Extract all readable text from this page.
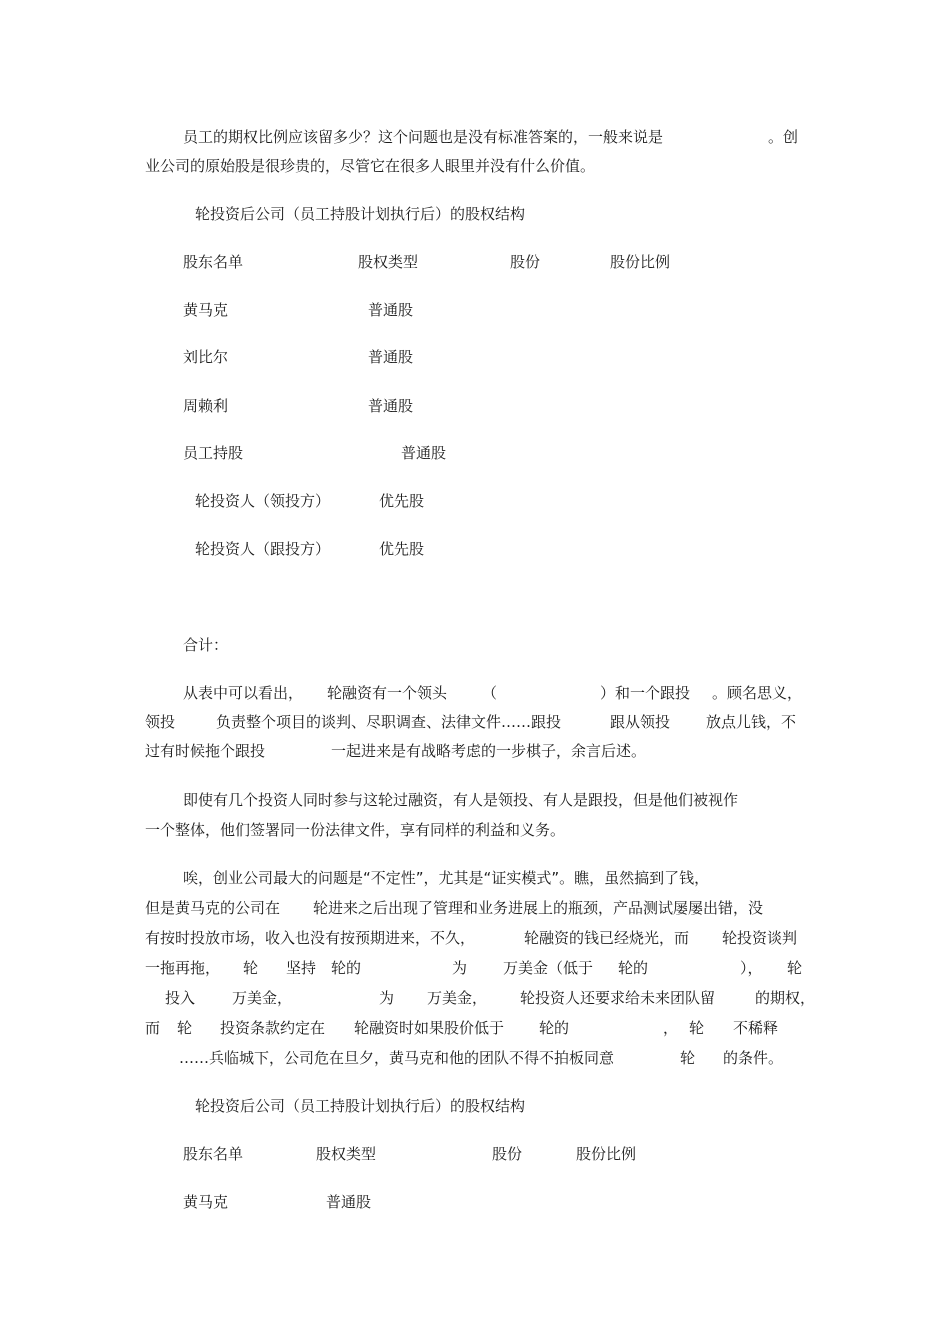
员工的期权比例应该留多少？这个问题也是没有标准答案的，一般来说是	。创
业公司的原始股是很珍贵的，尽管它在很多人眼里并没有什么价值。
轮投资后公司（员工持股计划执行后）的股权结构
股东名单	股权类型	股份	股份比例
黄马克	普通股
刘比尔	普通股
周赖利	普通股
员工持股	普通股
轮投资人（领投方）	优先股
轮投资人（跟投方）	优先股
合计：
从表中可以看出， 轮融资有一个领头 （	）和一个跟投 。顾名思义，
领投	负责整个项目的谈判、尽职调查、法律文件……跟投	跟从领投 放点儿钱，不
过有时候拖个跟投	一起进来是有战略考虑的一步棋子，余言后述。
即使有几个投资人同时参与这轮过融资，有人是领投、有人是跟投，但是他们被视作
一个整体，他们签署同一份法律文件，享有同样的利益和义务。
唉，创业公司最大的问题是“不定性”，尤其是“证实模式”。瞧，虽然搞到了钱，
但是黄马克的公司在 轮进来之后出现了管理和业务进展上的瓶颈，产品测试屡屡出错，没
有按时投放市场，收入也没有按预期进来，不久，	轮融资的钱已经烧光，而 轮投资谈判
一拖再拖， 轮 坚持 轮的	为 万美金（低于 轮的	）， 轮
投入 万美金，	为 万美金， 轮投资人还要求给未来团队留	的期权，
而 轮 投资条款约定在 轮融资时如果股价低于 轮的	， 轮 不稀释
……兵临城下，公司危在旦夕，黄马克和他的团队不得不拍板同意	轮 的条件。
轮投资后公司（员工持股计划执行后）的股权结构
股东名单	股权类型	股份	股份比例
黄马克	普通股
